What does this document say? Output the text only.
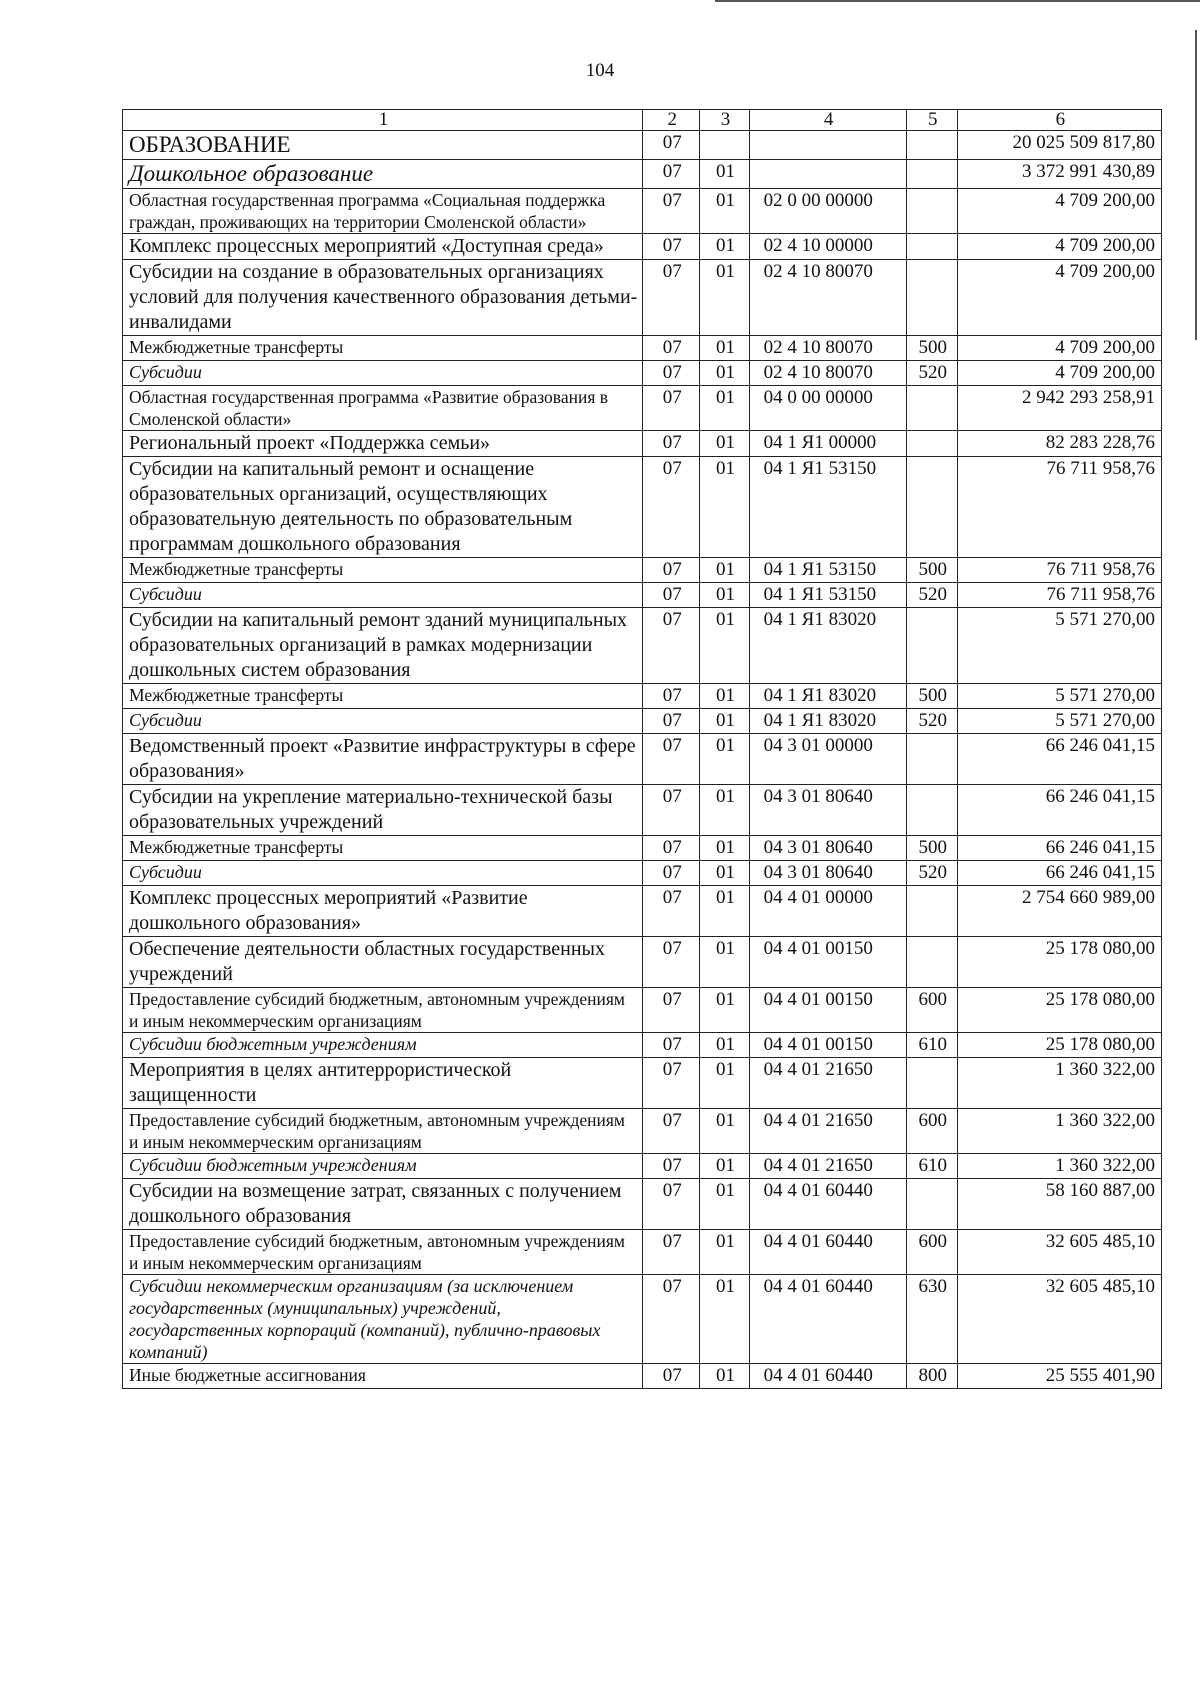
104
1	2	3	4	5	6
ОБРАЗОВАНИЕ	07				20 025 509 817,80
Дошкольное образование	07	01			3 372 991 430,89
Областная государственная программа «Социальная поддержка граждан, проживающих на территории Смоленской области»	07	01	02 0 00 00000		4 709 200,00
Комплекс процессных мероприятий «Доступная среда»	07	01	02 4 10 00000		4 709 200,00
Субсидии на создание в образовательных организациях условий для получения качественного образования детьми-инвалидами	07	01	02 4 10 80070		4 709 200,00
Межбюджетные трансферты	07	01	02 4 10 80070	500	4 709 200,00
Субсидии	07	01	02 4 10 80070	520	4 709 200,00
Областная государственная программа «Развитие образования в Смоленской области»	07	01	04 0 00 00000		2 942 293 258,91
Региональный проект «Поддержка семьи»	07	01	04 1 Я1 00000		82 283 228,76
Субсидии на капитальный ремонт и оснащение образовательных организаций, осуществляющих образовательную деятельность по образовательным программам дошкольного образования	07	01	04 1 Я1 53150		76 711 958,76
Межбюджетные трансферты	07	01	04 1 Я1 53150	500	76 711 958,76
Субсидии	07	01	04 1 Я1 53150	520	76 711 958,76
Субсидии на капитальный ремонт зданий муниципальных образовательных организаций в рамках модернизации дошкольных систем образования	07	01	04 1 Я1 83020		5 571 270,00
Межбюджетные трансферты	07	01	04 1 Я1 83020	500	5 571 270,00
Субсидии	07	01	04 1 Я1 83020	520	5 571 270,00
Ведомственный проект «Развитие инфраструктуры в сфере образования»	07	01	04 3 01 00000		66 246 041,15
Субсидии на укрепление материально-технической базы образовательных учреждений	07	01	04 3 01 80640		66 246 041,15
Межбюджетные трансферты	07	01	04 3 01 80640	500	66 246 041,15
Субсидии	07	01	04 3 01 80640	520	66 246 041,15
Комплекс процессных мероприятий «Развитие дошкольного образования»	07	01	04 4 01 00000		2 754 660 989,00
Обеспечение деятельности областных государственных учреждений	07	01	04 4 01 00150		25 178 080,00
Предоставление субсидий бюджетным, автономным учреждениям и иным некоммерческим организациям	07	01	04 4 01 00150	600	25 178 080,00
Субсидии бюджетным учреждениям	07	01	04 4 01 00150	610	25 178 080,00
Мероприятия в целях антитеррористической защищенности	07	01	04 4 01 21650		1 360 322,00
Предоставление субсидий бюджетным, автономным учреждениям и иным некоммерческим организациям	07	01	04 4 01 21650	600	1 360 322,00
Субсидии бюджетным учреждениям	07	01	04 4 01 21650	610	1 360 322,00
Субсидии на возмещение затрат, связанных с получением дошкольного образования	07	01	04 4 01 60440		58 160 887,00
Предоставление субсидий бюджетным, автономным учреждениям и иным некоммерческим организациям	07	01	04 4 01 60440	600	32 605 485,10
Субсидии некоммерческим организациям (за исключением государственных (муниципальных) учреждений, государственных корпораций (компаний), публично-правовых компаний)	07	01	04 4 01 60440	630	32 605 485,10
Иные бюджетные ассигнования	07	01	04 4 01 60440	800	25 555 401,90
